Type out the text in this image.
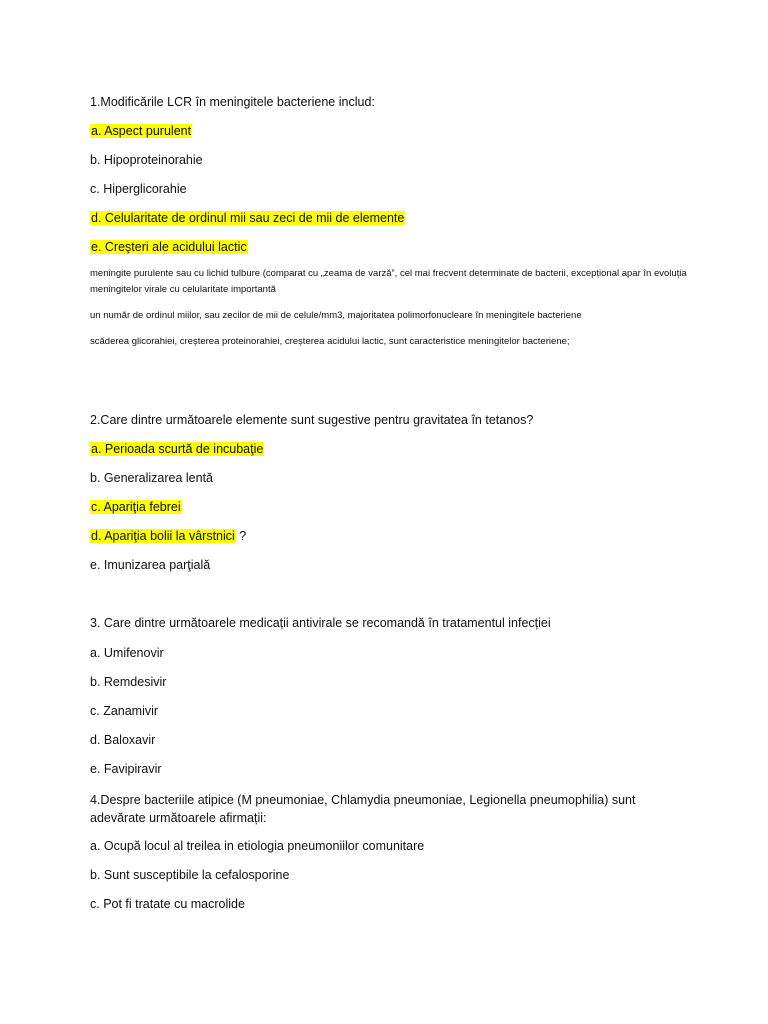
1.Modificările LCR în meningitele bacteriene includ:
a. Aspect purulent
b. Hipoproteinorahie
c. Hiperglicorahie
d. Celularitate de ordinul mii sau zeci de mii de elemente
e. Creşteri ale acidului lactic
meningite purulente sau cu lichid tulbure (comparat cu „zeama de varză”, cel mai frecvent determinate de bacterii, excepțional apar în evoluția meningitelor virale cu celularitate importantă
un număr de ordinul miilor, sau zecilor de mii de celule/mm3, majoritatea polimorfonucleare în meningitele bacteriene
scăderea glicorahiei, creșterea proteinorahiei, creșterea acidului lactic, sunt caracteristice meningitelor bacteriene;
2.Care dintre următoarele elemente sunt sugestive pentru gravitatea în tetanos?
a. Perioada scurtă de incubaţie
b. Generalizarea lentă
c. Apariţia febrei
d. Apariţia bolii la vârstnici ?
e. Imunizarea parţială
3. Care dintre următoarele medicații antivirale se recomandă în tratamentul infecției
a. Umifenovir
b. Remdesivir
c. Zanamivir
d. Baloxavir
e. Favipiravir
4.Despre bacteriile atipice (M pneumoniae, Chlamydia pneumoniae, Legionella pneumophilia) sunt adevărate următoarele afirmații:
a. Ocupă locul al treilea in etiologia pneumoniilor comunitare
b. Sunt susceptibile la cefalosporine
c. Pot fi tratate cu macrolide
